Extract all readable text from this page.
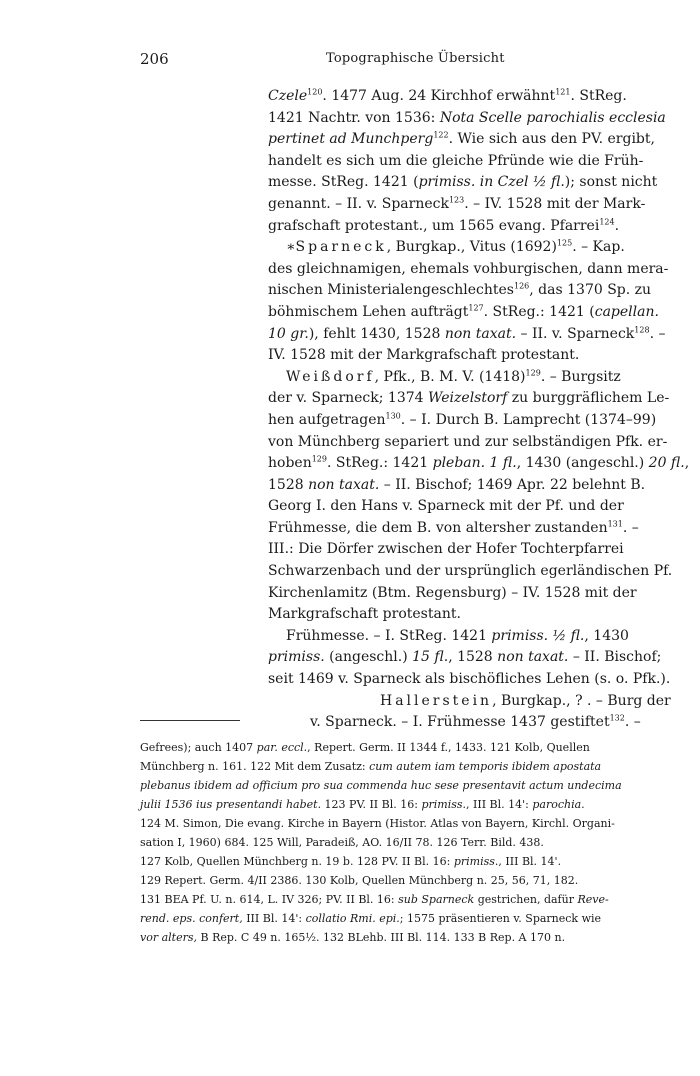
206	Topographische Übersicht
Czele$^{120}$. 1477 Aug. 24 Kirchhof erwähnt$^{121}$. StReg.
1421 Nachtr. von 1536: Nota Scelle parochialis ecclesia
pertinet ad Munchperg$^{122}$. Wie sich aus den PV. ergibt,
handelt es sich um die gleiche Pfründe wie die Früh-
messe. StReg. 1421 (primiss. in Czel ½ fl.); sonst nicht
genannt. – II. v. Sparneck$^{123}$. – IV. 1528 mit der Mark-
grafschaft protestant., um 1565 evang. Pfarrei$^{124}$.
∗Sparneck, Burgkap., Vitus $(1692)^{125}$. – Kap.
des gleichnamigen, ehemals vohburgischen, dann mera-
nischen Ministerialengeschlechtes$^{126}$, das 1370 Sp. zu
böhmischem Lehen aufträgt$^{127}$. StReg.: 1421 (capellan.
10 gr.), fehlt 1430, 1528 non taxat. – II. v. Sparneck$^{128}$. –
IV. 1528 mit der Markgrafschaft protestant.
Weißdorf, Pfk., B. M. V. $(1418)^{129}$. – Burgsitz
der v. Sparneck; 1374 Weizelstorf zu burggräflichem Le-
hen aufgetragen$^{130}$. – I. Durch B. Lamprecht (1374–99)
von Münchberg separiert und zur selbständigen Pfk. er-
hoben$^{129}$. StReg.: 1421 pleban. 1 fl., 1430 (angeschl.) 20 fl.,
1528 non taxat. – II. Bischof; 1469 Apr. 22 belehnt B.
Georg I. den Hans v. Sparneck mit der Pf. und der
Frühmesse, die dem B. von altersher zustanden$^{131}$. –
III.: Die Dörfer zwischen der Hofer Tochterpfarrei
Schwarzenbach und der ursprünglich egerländischen Pf.
Kirchenlamitz (Btm. Regensburg) – IV. 1528 mit der
Markgrafschaft protestant.
Frühmesse. – I. StReg. 1421 primiss. ½ fl., 1430
primiss. (angeschl.) 15 fl., 1528 non taxat. – II. Bischof;
seit 1469 v. Sparneck als bischöfliches Lehen (s. o. Pfk.).
Hallerstein, Burgkap., ? . – Burg der
v. Sparneck. – I. Frühmesse 1437 gestiftet$^{132}$. –
Gefrees); auch 1407 par. eccl., Repert. Germ. II 1344 f., 1433. 121 Kolb, Quellen
Münchberg n. 161. 122 Mit dem Zusatz: cum autem iam temporis ibidem apostata
plebanus ibidem ad officium pro sua commenda huc sese presentavit actum undecima
julii 1536 ius presentandi habet. 123 PV. II Bl. 16: primiss., III Bl. 14': parochia.
124 M. Simon, Die evang. Kirche in Bayern (Histor. Atlas von Bayern, Kirchl. Organi-
sation I, 1960) 684. 125 Will, Paradeiß, AO. 16/II 78. 126 Terr. Bild. 438.
127 Kolb, Quellen Münchberg n. 19 b. 128 PV. II Bl. 16: primiss., III Bl. 14'.
129 Repert. Germ. 4/II 2386. 130 Kolb, Quellen Münchberg n. 25, 56, 71, 182.
131 BEA Pf. U. n. 614, L. IV 326; PV. II Bl. 16: sub Sparneck gestrichen, dafür Reve-
rend. eps. confert, III Bl. 14': collatio Rmi. epi.; 1575 präsentieren v. Sparneck wie
vor alters, B Rep. C 49 n. 165½. 132 BLehb. III Bl. 114. 133 B Rep. A 170 n.
